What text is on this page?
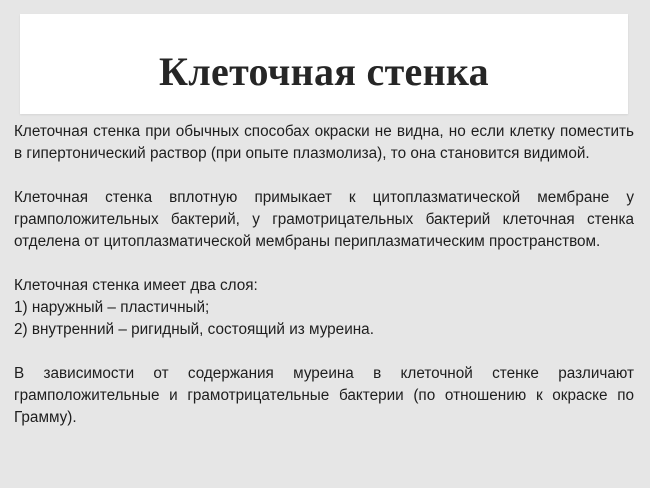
Клеточная стенка

Клеточная стенка при обычных способах окраски не видна, но если клетку поместить в гипертонический раствор (при опыте плазмолиза), то она становится видимой.

Клеточная стенка вплотную примыкает к цитоплазматической мембране у грамположительных бактерий, у грамотрицательных бактерий клеточная стенка отделена от цитоплазматической мембраны периплазматическим пространством.

Клеточная стенка имеет два слоя:
1) наружный – пластичный;
2) внутренний – ригидный, состоящий из муреина.

В зависимости от содержания муреина в клеточной стенке различают грамположительные и грамотрицательные бактерии (по отношению к окраске по Грамму).
